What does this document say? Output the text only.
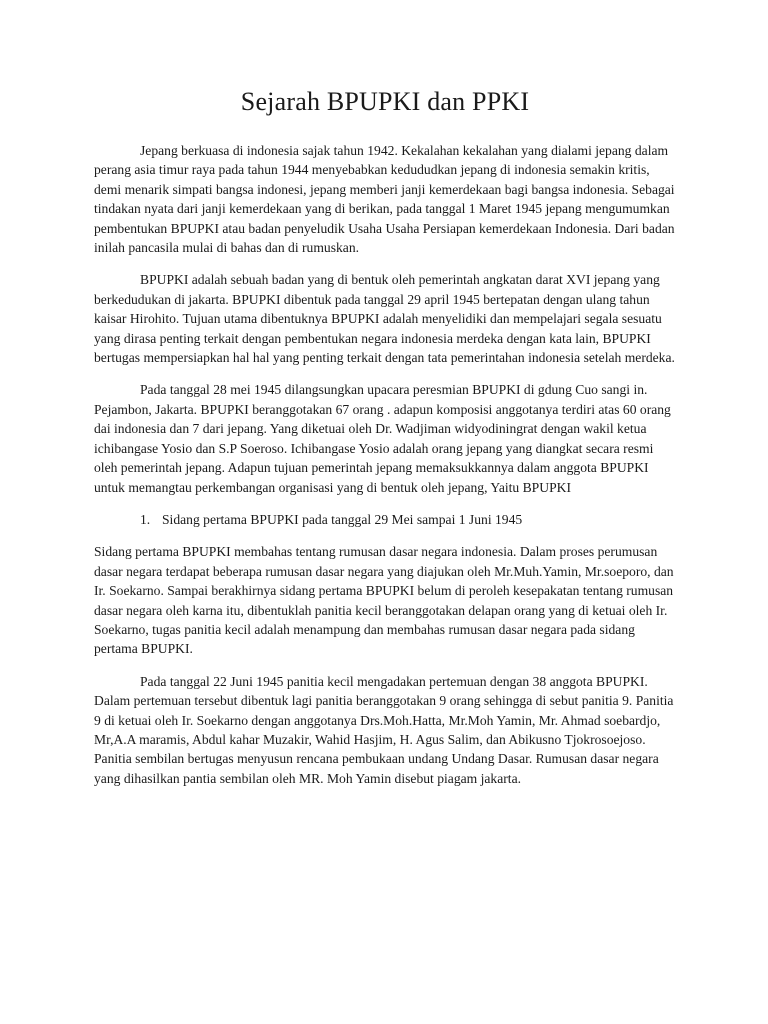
Sejarah BPUPKI dan PPKI

Jepang berkuasa di indonesia sajak tahun 1942. Kekalahan kekalahan yang dialami jepang dalam perang asia timur raya pada tahun 1944 menyebabkan kedududkan jepang di indonesia semakin kritis, demi menarik simpati bangsa indonesi, jepang memberi janji kemerdekaan bagi bangsa indonesia. Sebagai tindakan nyata dari janji kemerdekaan yang di berikan, pada tanggal 1 Maret 1945 jepang mengumumkan pembentukan BPUPKI atau badan penyeludik Usaha Usaha Persiapan kemerdekaan Indonesia. Dari badan inilah pancasila mulai di bahas dan di rumuskan.

BPUPKI adalah sebuah badan yang di bentuk oleh pemerintah angkatan darat XVI jepang yang berkedudukan di jakarta. BPUPKI dibentuk pada tanggal 29 april 1945 bertepatan dengan ulang tahun kaisar Hirohito. Tujuan utama dibentuknya BPUPKI adalah menyelidiki dan mempelajari segala sesuatu yang dirasa penting terkait dengan pembentukan negara indonesia merdeka dengan kata lain, BPUPKI bertugas mempersiapkan hal hal yang penting terkait dengan tata pemerintahan indonesia setelah merdeka.

Pada tanggal 28 mei 1945 dilangsungkan upacara peresmian BPUPKI di gdung Cuo sangi in. Pejambon, Jakarta. BPUPKI beranggotakan 67 orang . adapun komposisi anggotanya terdiri atas 60 orang dai indonesia dan 7 dari jepang. Yang diketuai oleh Dr. Wadjiman widyodiningrat dengan wakil ketua ichibangase Yosio dan S.P Soeroso. Ichibangase Yosio adalah orang jepang yang diangkat secara resmi oleh pemerintah jepang. Adapun tujuan pemerintah jepang memaksukkannya dalam anggota BPUPKI untuk memangtau perkembangan organisasi yang di bentuk oleh jepang, Yaitu BPUPKI

1. Sidang pertama BPUPKI pada tanggal 29 Mei sampai 1 Juni 1945

Sidang pertama BPUPKI membahas tentang rumusan dasar negara indonesia. Dalam proses perumusan dasar negara terdapat beberapa rumusan dasar negara yang diajukan oleh Mr.Muh.Yamin, Mr.soeporo, dan Ir. Soekarno. Sampai berakhirnya sidang pertama BPUPKI belum di peroleh kesepakatan tentang rumusan dasar negara oleh karna itu, dibentuklah panitia kecil beranggotakan delapan orang yang di ketuai oleh Ir. Soekarno, tugas panitia kecil adalah menampung dan membahas rumusan dasar negara pada sidang pertama BPUPKI.

Pada tanggal 22 Juni 1945 panitia kecil mengadakan pertemuan dengan 38 anggota BPUPKI. Dalam pertemuan tersebut dibentuk lagi panitia beranggotakan 9 orang sehingga di sebut panitia 9. Panitia 9 di ketuai oleh Ir. Soekarno dengan anggotanya Drs.Moh.Hatta, Mr.Moh Yamin, Mr. Ahmad soebardjo, Mr,A.A maramis, Abdul kahar Muzakir, Wahid Hasjim, H. Agus Salim, dan Abikusno Tjokrosoejoso. Panitia sembilan bertugas menyusun rencana pembukaan undang Undang Dasar. Rumusan dasar negara yang dihasilkan pantia sembilan oleh MR. Moh Yamin disebut piagam jakarta.
